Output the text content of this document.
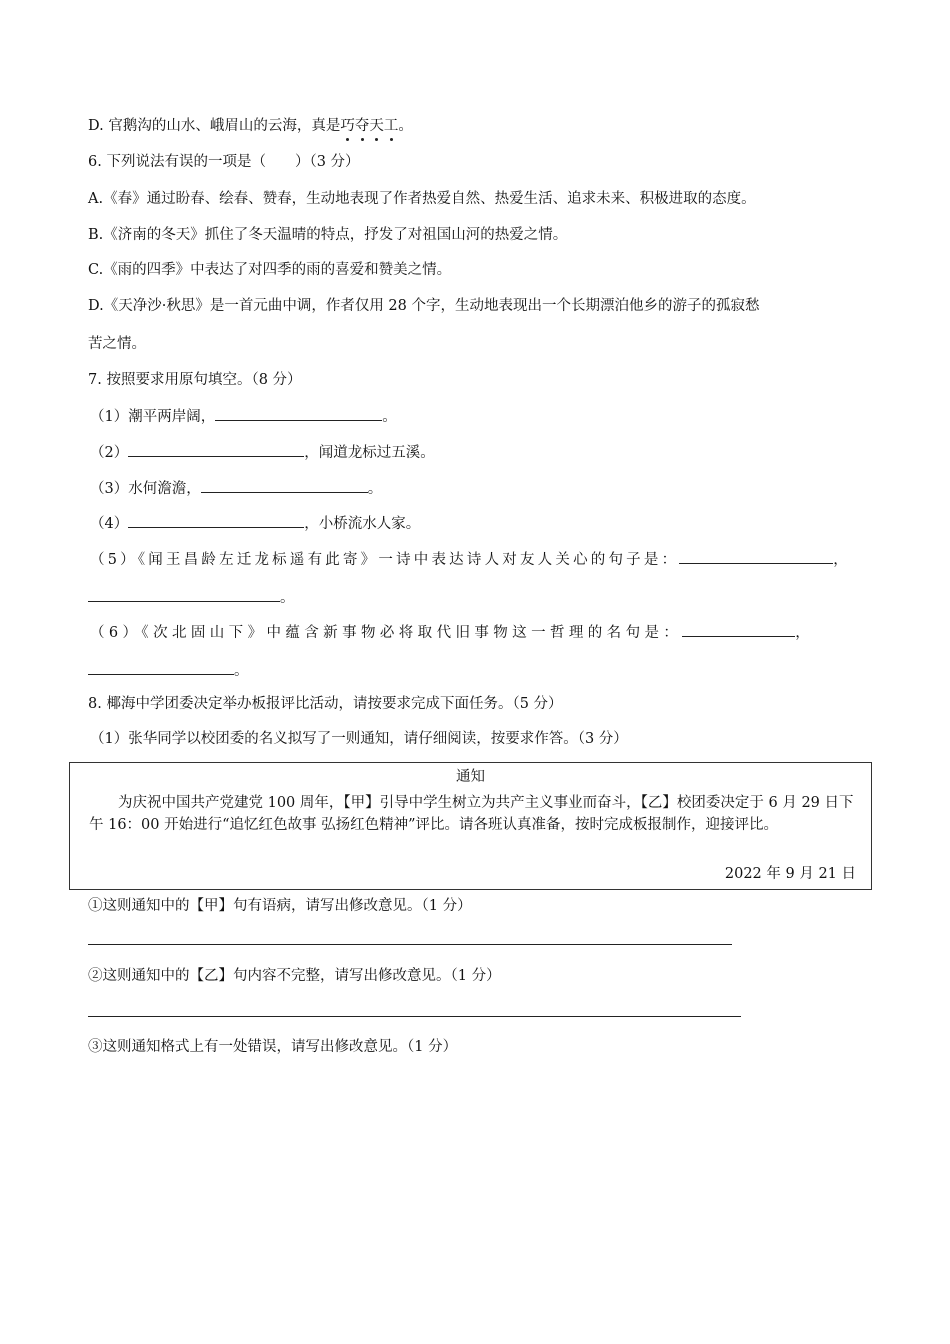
D. 官鹅沟的山水、峨眉山的云海，真是巧夺天工。
6. 下列说法有误的一项是（　　）（3 分）
A.《春》通过盼春、绘春、赞春，生动地表现了作者热爱自然、热爱生活、追求未来、积极进取的态度。
B.《济南的冬天》抓住了冬天温晴的特点，抒发了对祖国山河的热爱之情。
C.《雨的四季》中表达了对四季的雨的喜爱和赞美之情。
D.《天净沙·秋思》是一首元曲中调，作者仅用 28 个字，生动地表现出一个长期漂泊他乡的游子的孤寂愁
苦之情。
7. 按照要求用原句填空。（8 分）
（1）潮平两岸阔，	。
（2）	，闻道龙标过五溪。
（3）水何澹澹，	。
（4）	，小桥流水人家。
（5）《闻王昌龄左迁龙标遥有此寄》一诗中表达诗人对友人关心的句子是：	，
。
（6）《次北固山下》中蕴含新事物必将取代旧事物这一哲理的名句是：	，
。
8. 椰海中学团委决定举办板报评比活动，请按要求完成下面任务。（5 分）
（1）张华同学以校团委的名义拟写了一则通知，请仔细阅读，按要求作答。（3 分）
通知
为庆祝中国共产党建党 100 周年，【甲】引导中学生树立为共产主义事业而奋斗，【乙】校团委决定于 6 月 29 日下午 16：00 开始进行“追忆红色故事 弘扬红色精神”评比。请各班认真准备，按时完成板报制作，迎接评比。
2022 年 9 月 21 日
①这则通知中的【甲】句有语病，请写出修改意见。（1 分）
②这则通知中的【乙】句内容不完整，请写出修改意见。（1 分）
③这则通知格式上有一处错误，请写出修改意见。（1 分）
